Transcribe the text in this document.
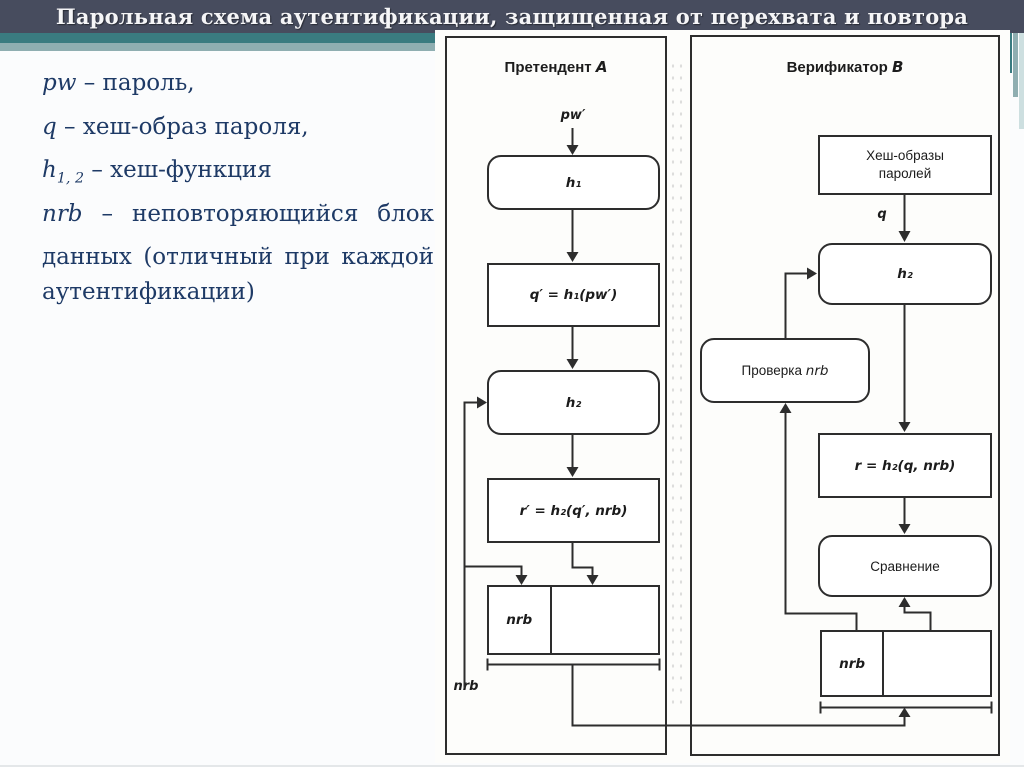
Парольная схема аутентификации, защищенная от перехвата и повтора
pw – пароль,
q – хеш-образ пароля,
$h_{1, 2}$ – хеш-функция
nrb – неповторяющийся блок данных (отличный при каждой аутентификации)
Претендент A	Верификатор B
pw′
h₁
q′ = h₁(pw′)
h₂
r′ = h₂(q′, nrb)
nrb
nrb
Хеш-образы паролей
q
h₂
Проверка
nrb
r = h₂(q, nrb)
Сравнение
nrb
